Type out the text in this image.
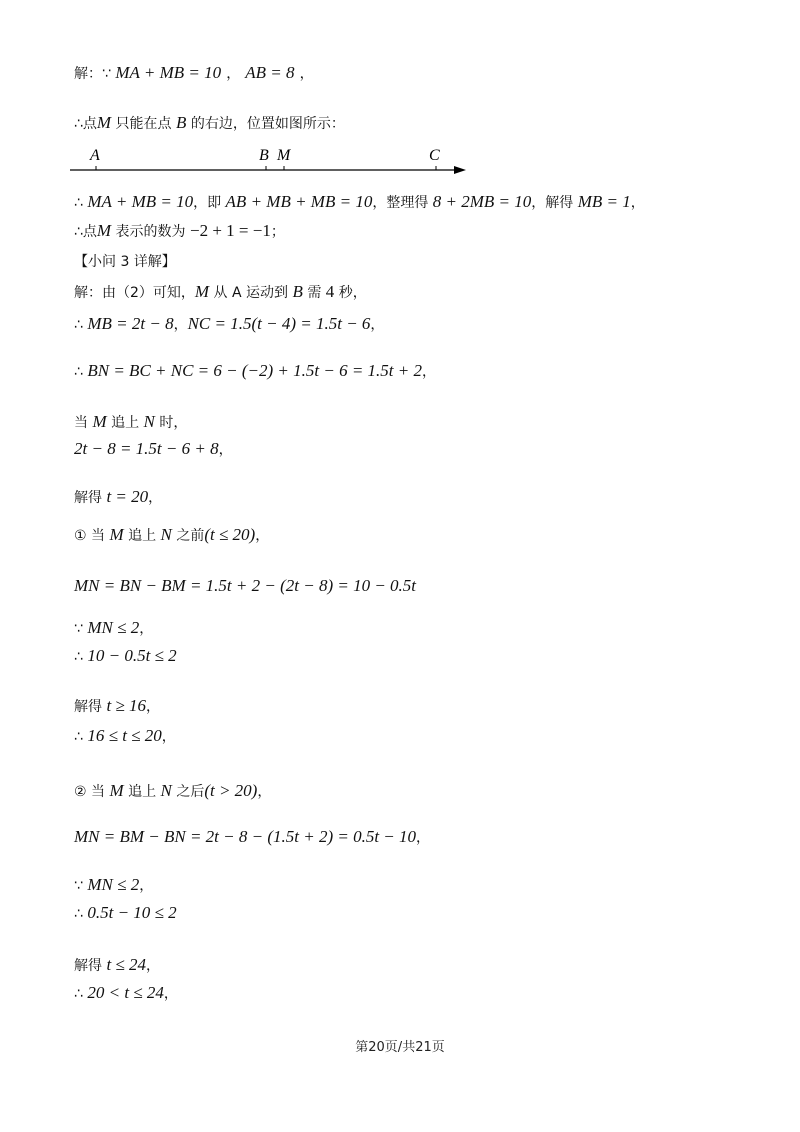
解：∵ MA + MB = 10 ， AB = 8 ，
∴点M 只能在点 B 的右边，位置如图所示：
A	B M	C
∴ MA + MB = 10，即 AB + MB + MB = 10，整理得 8 + 2MB = 10，解得 MB = 1，
∴点M 表示的数为 −2 + 1 = −1；
【小问 3 详解】
解：由（2）可知，M 从 A 运动到 B 需 4 秒，
∴ MB = 2t − 8，NC = 1.5(t − 4) = 1.5t − 6，
∴ BN = BC + NC = 6 − (−2) + 1.5t − 6 = 1.5t + 2，
当 M 追上 N 时，
2t − 8 = 1.5t − 6 + 8，
解得 t = 20，
① 当 M 追上 N 之前(t ≤ 20)，
MN = BN − BM = 1.5t + 2 − (2t − 8) = 10 − 0.5t
∵ MN ≤ 2，
∴ 10 − 0.5t ≤ 2
解得 t ≥ 16，
∴ 16 ≤ t ≤ 20，
② 当 M 追上 N 之后(t > 20)，
MN = BM − BN = 2t − 8 − (1.5t + 2) = 0.5t − 10，
∵ MN ≤ 2，
∴ 0.5t − 10 ≤ 2
解得 t ≤ 24，
∴ 20 < t ≤ 24，
第20页/共21页
